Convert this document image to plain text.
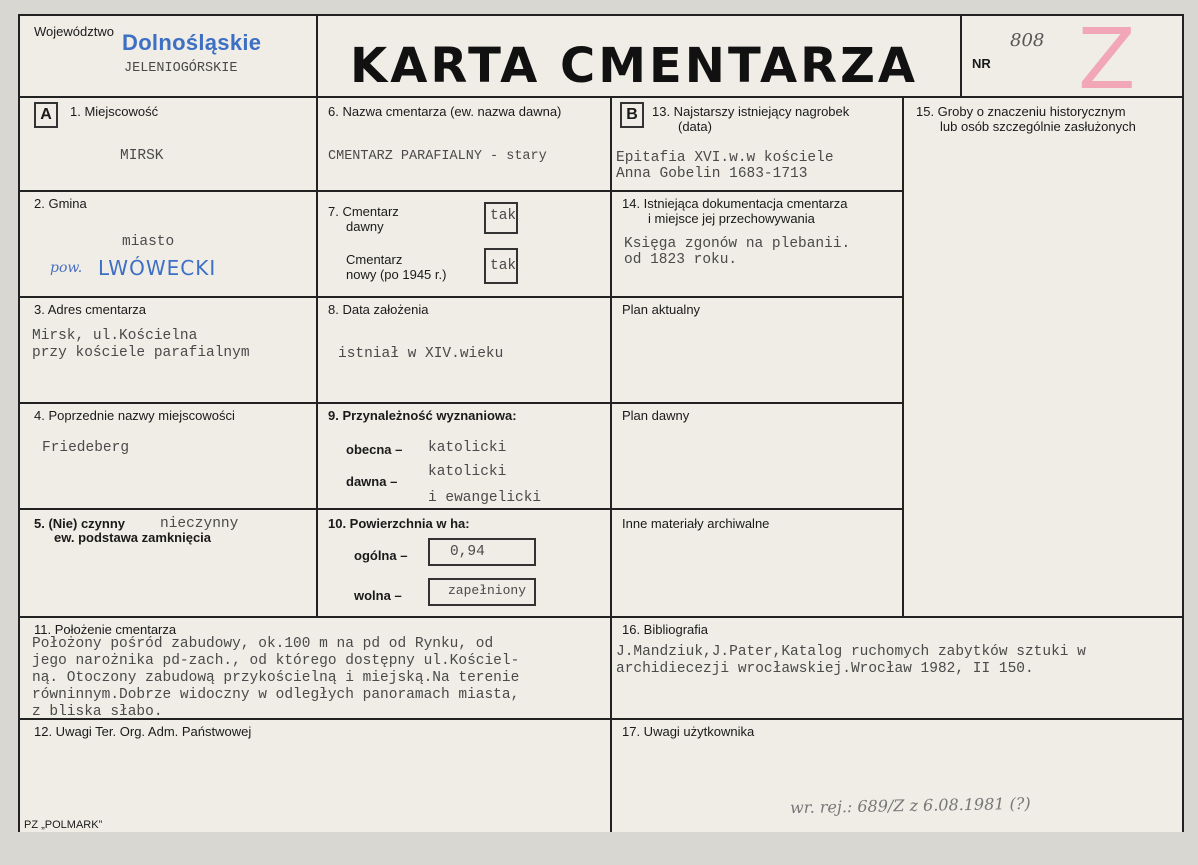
Województwo Dolnośląskie
JELENIOGÓRSKIE KARTA CMENTARZA	NR
808 Z
A	1. Miejscowość
MIRSK
2. Gmina
miasto
pow. LWÓWECKI
3. Adres cmentarza
Mirsk, ul.Kościelna
przy kościele parafialnym
4. Poprzednie nazwy miejscowości
Friedeberg
5. (Nie) czynny
ew. podstawa zamknięcia
nieczynny
6. Nazwa cmentarza (ew. nazwa dawna)
CMENTARZ PARAFIALNY - stary
7. Cmentarz
dawny
tak
Cmentarz
nowy (po 1945 r.)
tak
8. Data założenia
istniał w XIV.wieku
9. Przynależność wyznaniowa:
obecna – katolicki
dawna –
katolicki
i ewangelicki
10. Powierzchnia w ha:
ogólna –	0,94
wolna –	zapełniony
B	13. Najstarszy istniejący nagrobek
(data)
Epitafia XVI.w.w kościele
Anna Gobelin 1683-1713
14. Istniejąca dokumentacja cmentarza
i miejsce jej przechowywania
Księga zgonów na plebanii.
od 1823 roku.
Plan aktualny
Plan dawny
Inne materiały archiwalne
15. Groby o znaczeniu historycznym
lub osób szczególnie zasłużonych
11. Położenie cmentarza
Położony pośród zabudowy, ok.100 m na pd od Rynku, od
jego narożnika pd-zach., od którego dostępny ul.Kościel-
ną. Otoczony zabudową przykościelną i miejską.Na terenie
równinnym.Dobrze widoczny w odległych panoramach miasta,
z bliska słabo.
16. Bibliografia
J.Mandziuk,J.Pater,Katalog ruchomych zabytków sztuki w
archidiecezji wrocławskiej.Wrocław 1982, II 150.
12. Uwagi Ter. Org. Adm. Państwowej	17. Uwagi użytkownika
wr. rej.: 689/Z z 6.08.1981 (?)
PZ „POLMARK”
